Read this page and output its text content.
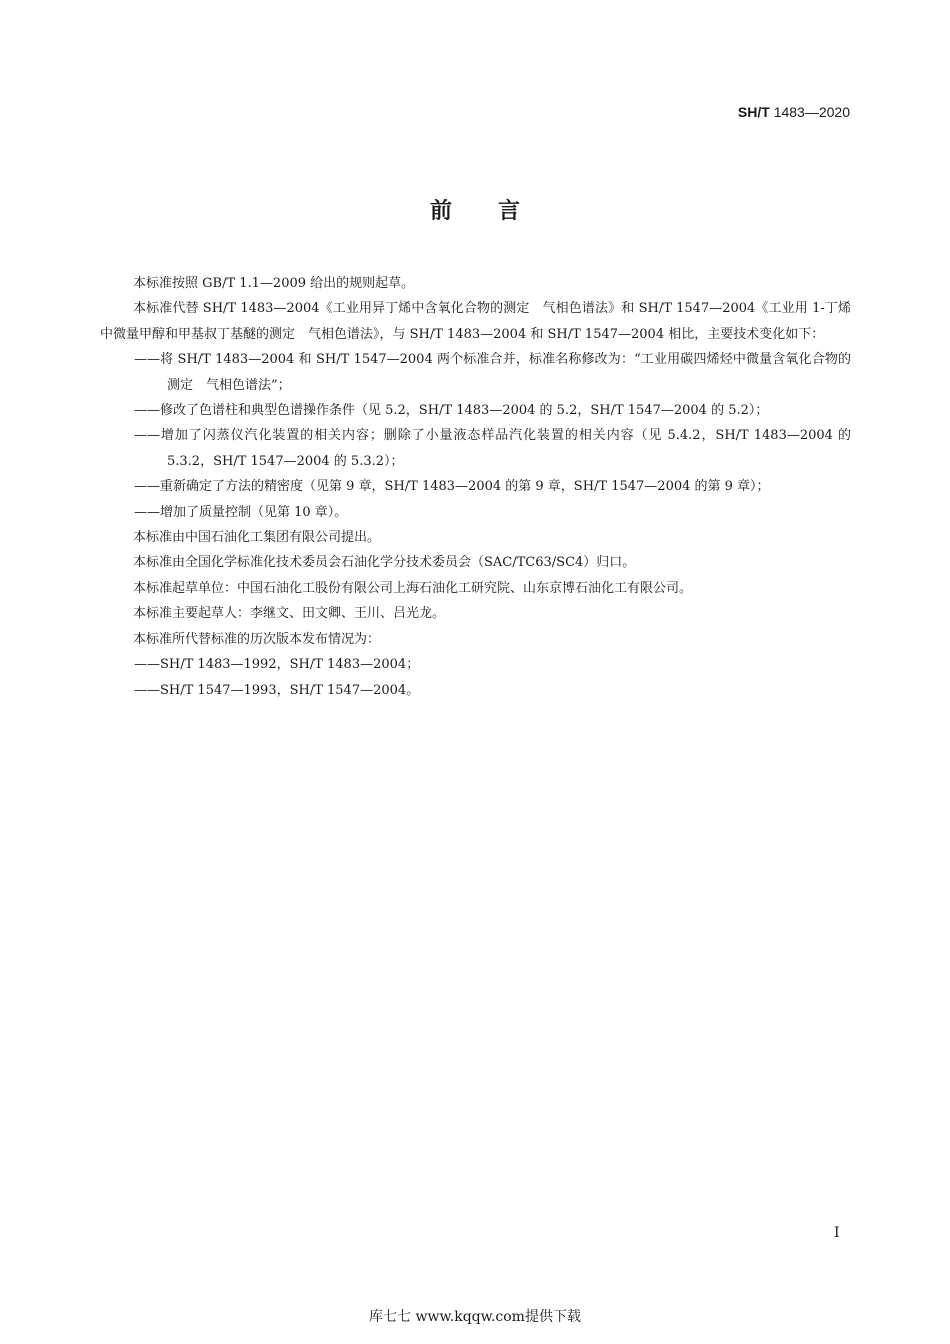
SH/T 1483—2020
前言

本标准按照 GB/T 1.1—2009 给出的规则起草。

本标准代替 SH/T 1483—2004《工业用异丁烯中含氧化合物的测定　气相色谱法》和 SH/T 1547—2004《工业用 1-丁烯中微量甲醇和甲基叔丁基醚的测定　气相色谱法》，与 SH/T 1483—2004 和 SH/T 1547—2004 相比，主要技术变化如下：

——将 SH/T 1483—2004 和 SH/T 1547—2004 两个标准合并，标准名称修改为：“工业用碳四烯烃中微量含氧化合物的测定　气相色谱法”；

——修改了色谱柱和典型色谱操作条件（见 5.2，SH/T 1483—2004 的 5.2，SH/T 1547—2004 的 5.2）；

——增加了闪蒸仪汽化装置的相关内容；删除了小量液态样品汽化装置的相关内容（见 5.4.2，SH/T 1483—2004 的 5.3.2，SH/T 1547—2004 的 5.3.2）；

——重新确定了方法的精密度（见第 9 章，SH/T 1483—2004 的第 9 章，SH/T 1547—2004 的第 9 章）；

——增加了质量控制（见第 10 章）。

本标准由中国石油化工集团有限公司提出。

本标准由全国化学标准化技术委员会石油化学分技术委员会（SAC/TC63/SC4）归口。

本标准起草单位：中国石油化工股份有限公司上海石油化工研究院、山东京博石油化工有限公司。

本标准主要起草人：李继文、田文卿、王川、吕光龙。

本标准所代替标准的历次版本发布情况为：

——SH/T 1483—1992，SH/T 1483—2004；

——SH/T 1547—1993，SH/T 1547—2004。

I
库七七 www.kqqw.com提供下载
